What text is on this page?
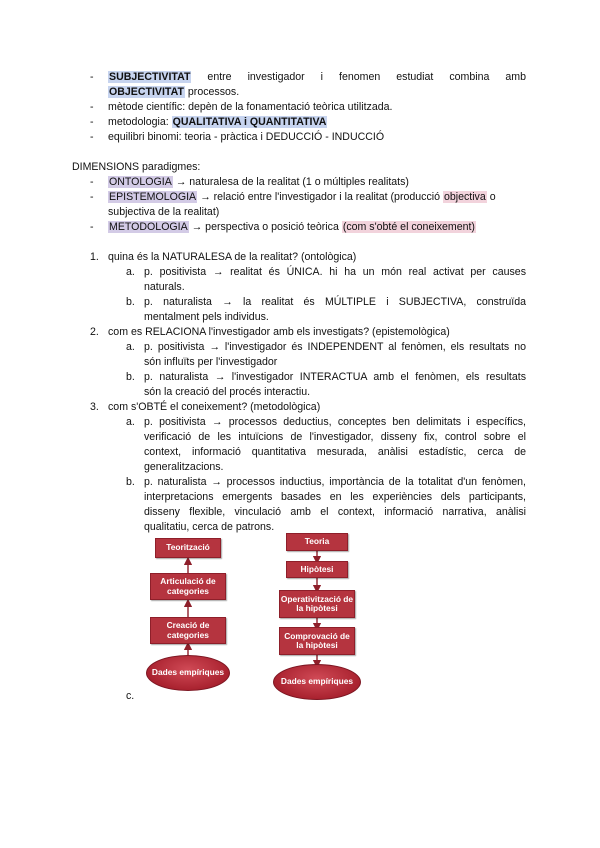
- SUBJECTIVITAT entre investigador i fenomen estudiat combina amb
OBJECTIVITAT processos.
- mètode científic: depèn de la fonamentació teòrica utilitzada.
- metodologia: QUALITATIVA i QUANTITATIVA
- equilibri binomi: teoria - pràctica i DEDUCCIÓ - INDUCCIÓ
DIMENSIONS paradigmes:
- ONTOLOGIA → naturalesa de la realitat (1 o múltiples realitats)
- EPISTEMOLOGIA → relació entre l'investigador i la realitat (producció objectiva o
subjectiva de la realitat)
- METODOLOGIA → perspectiva o posició teòrica (com s'obté el coneixement)
1. quina és la NATURALESA de la realitat? (ontològica)
a. p. positivista → realitat és ÚNICA. hi ha un món real activat per causes
naturals.
b. p. naturalista → la realitat és MÚLTIPLE i SUBJECTIVA, construïda
mentalment pels individus.
2. com es RELACIONA l'investigador amb els investigats? (epistemològica)
a. p. positivista → l'investigador és INDEPENDENT al fenòmen, els resultats no
són influïts per l'investigador
b. p. naturalista → l'investigador INTERACTUA amb el fenòmen, els resultats
són la creació del procés interactiu.
3. com s'OBTÉ el coneixement? (metodològica)
a. p. positivista → processos deductius, conceptes ben delimitats i específics,
verificació de les intuïcions de l'investigador, disseny fix, control sobre el
context, informació quantitativa mesurada, anàlisi estadístic, cerca de
generalitzacions.
b. p. naturalista → processos inductius, importància de la totalitat d'un fenòmen,
interpretacions emergents basades en les experiències dels participants,
disseny flexible, vinculació amb el context, informació narrativa, anàlisi
qualitatiu, cerca de patrons.
Teorització
Articulació de categories
Creació de categories
Dades empíriques
Teoria
Hipòtesi
Operativització de la hipòtesi
Comprovació de la hipòtesi
Dades empíriques
c.
